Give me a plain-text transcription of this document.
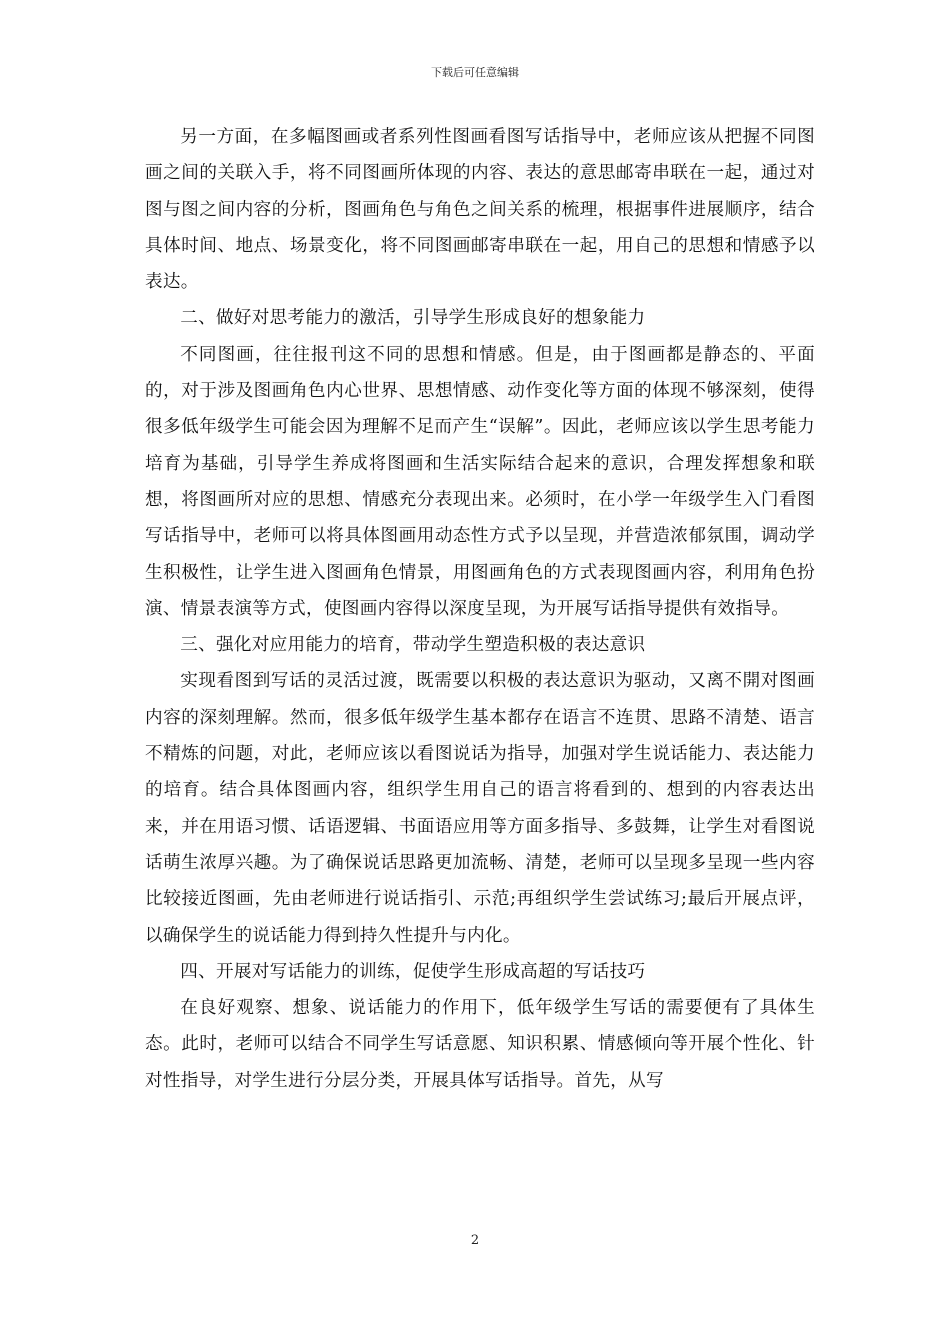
下载后可任意编辑

另一方面，在多幅图画或者系列性图画看图写话指导中，老师应该从把握不同图画之间的关联入手，将不同图画所体现的内容、表达的意思邮寄串联在一起，通过对图与图之间内容的分析，图画角色与角色之间关系的梳理，根据事件进展顺序，结合具体时间、地点、场景变化，将不同图画邮寄串联在一起，用自己的思想和情感予以表达。

二、做好对思考能力的激活，引导学生形成良好的想象能力

不同图画，往往报刊这不同的思想和情感。但是，由于图画都是静态的、平面的，对于涉及图画角色内心世界、思想情感、动作变化等方面的体现不够深刻，使得很多低年级学生可能会因为理解不足而产生“误解”。因此，老师应该以学生思考能力培育为基础，引导学生养成将图画和生活实际结合起来的意识，合理发挥想象和联想，将图画所对应的思想、情感充分表现出来。必须时，在小学一年级学生入门看图写话指导中，老师可以将具体图画用动态性方式予以呈现，并营造浓郁氛围，调动学生积极性，让学生进入图画角色情景，用图画角色的方式表现图画内容，利用角色扮演、情景表演等方式，使图画内容得以深度呈现，为开展写话指导提供有效指导。

三、强化对应用能力的培育，带动学生塑造积极的表达意识

实现看图到写话的灵活过渡，既需要以积极的表达意识为驱动，又离不開对图画内容的深刻理解。然而，很多低年级学生基本都存在语言不连贯、思路不清楚、语言不精炼的问题，对此，老师应该以看图说话为指导，加强对学生说话能力、表达能力的培育。结合具体图画内容，组织学生用自己的语言将看到的、想到的内容表达出来，并在用语习惯、话语逻辑、书面语应用等方面多指导、多鼓舞，让学生对看图说话萌生浓厚兴趣。为了确保说话思路更加流畅、清楚，老师可以呈现多呈现一些内容比较接近图画，先由老师进行说话指引、示范;再组织学生尝试练习;最后开展点评，以确保学生的说话能力得到持久性提升与内化。

四、开展对写话能力的训练，促使学生形成高超的写话技巧

在良好观察、想象、说话能力的作用下，低年级学生写话的需要便有了具体生态。此时，老师可以结合不同学生写话意愿、知识积累、情感倾向等开展个性化、针对性指导，对学生进行分层分类，开展具体写话指导。首先，从写

2
